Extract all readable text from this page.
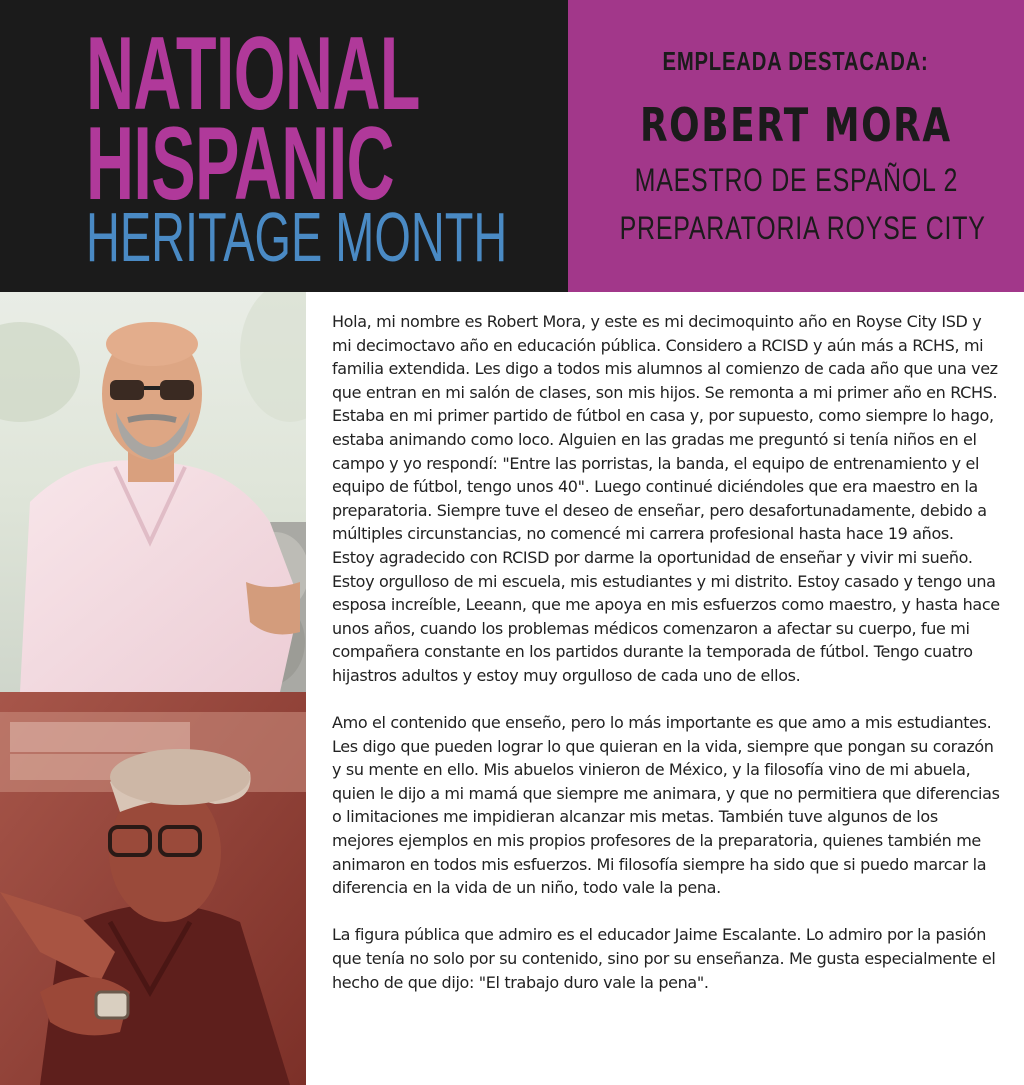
NATIONAL
HISPANIC
HERITAGE MONTH
EMPLEADA DESTACADA:
ROBERT MORA
MAESTRO DE ESPAÑOL 2
PREPARATORIA ROYSE CITY

Hola, mi nombre es Robert Mora, y este es mi decimoquinto año en Royse City ISD y mi decimoctavo año en educación pública. Considero a RCISD y aún más a RCHS, mi familia extendida. Les digo a todos mis alumnos al comienzo de cada año que una vez que entran en mi salón de clases, son mis hijos. Se remonta a mi primer año en RCHS. Estaba en mi primer partido de fútbol en casa y, por supuesto, como siempre lo hago, estaba animando como loco. Alguien en las gradas me preguntó si tenía niños en el campo y yo respondí: "Entre las porristas, la banda, el equipo de entrenamiento y el equipo de fútbol, tengo unos 40". Luego continué diciéndoles que era maestro en la preparatoria. Siempre tuve el deseo de enseñar, pero desafortunadamente, debido a múltiples circunstancias, no comencé mi carrera profesional hasta hace 19 años. Estoy agradecido con RCISD por darme la oportunidad de enseñar y vivir mi sueño. Estoy orgulloso de mi escuela, mis estudiantes y mi distrito. Estoy casado y tengo una esposa increíble, Leeann, que me apoya en mis esfuerzos como maestro, y hasta hace unos años, cuando los problemas médicos comenzaron a afectar su cuerpo, fue mi compañera constante en los partidos durante la temporada de fútbol. Tengo cuatro hijastros adultos y estoy muy orgulloso de cada uno de ellos.

Amo el contenido que enseño, pero lo más importante es que amo a mis estudiantes. Les digo que pueden lograr lo que quieran en la vida, siempre que pongan su corazón y su mente en ello. Mis abuelos vinieron de México, y la filosofía vino de mi abuela, quien le dijo a mi mamá que siempre me animara, y que no permitiera que diferencias o limitaciones me impidieran alcanzar mis metas. También tuve algunos de los mejores ejemplos en mis propios profesores de la preparatoria, quienes también me animaron en todos mis esfuerzos. Mi filosofía siempre ha sido que si puedo marcar la diferencia en la vida de un niño, todo vale la pena.

La figura pública que admiro es el educador Jaime Escalante. Lo admiro por la pasión que tenía no solo por su contenido, sino por su enseñanza. Me gusta especialmente el hecho de que dijo: "El trabajo duro vale la pena".
